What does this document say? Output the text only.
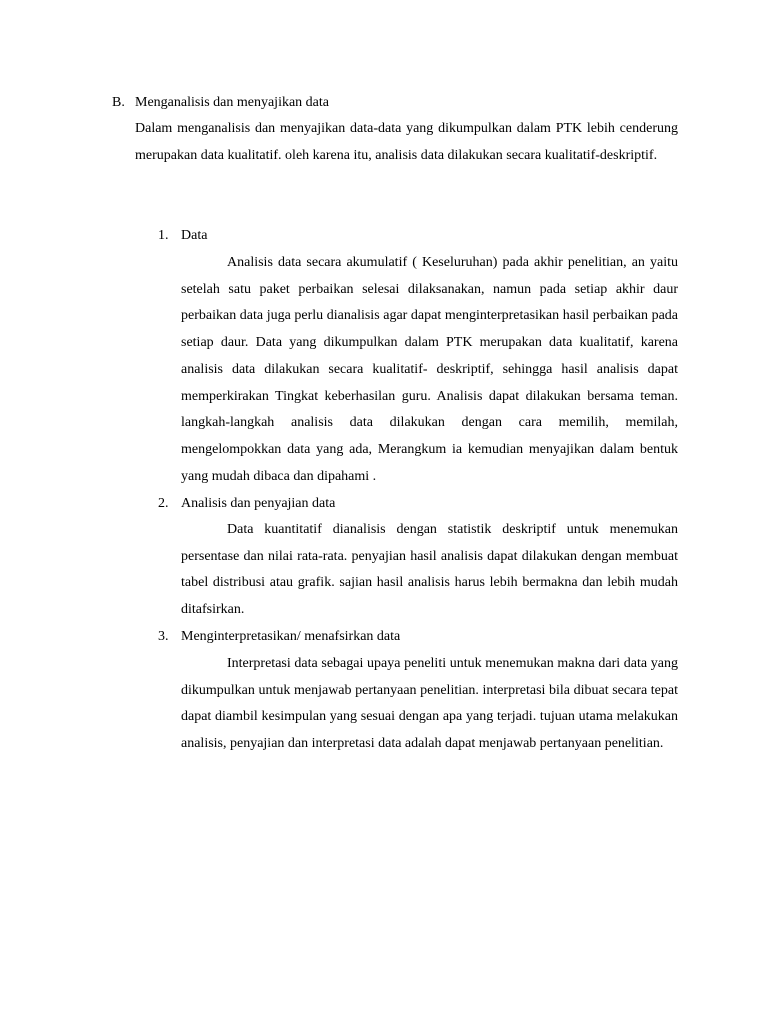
B. Menganalisis dan menyajikan data

Dalam menganalisis dan menyajikan data-data yang dikumpulkan dalam PTK lebih cenderung merupakan data kualitatif. oleh karena itu, analisis data dilakukan secara kualitatif-deskriptif.

1. Data

Analisis data secara akumulatif ( Keseluruhan) pada akhir penelitian, an yaitu setelah satu paket perbaikan selesai dilaksanakan, namun pada setiap akhir daur perbaikan data juga perlu dianalisis agar dapat menginterpretasikan hasil perbaikan pada setiap daur. Data yang dikumpulkan dalam PTK merupakan data kualitatif, karena analisis data dilakukan secara kualitatif- deskriptif, sehingga hasil analisis dapat memperkirakan Tingkat keberhasilan guru. Analisis dapat dilakukan bersama teman. langkah-langkah analisis data dilakukan dengan cara memilih, memilah, mengelompokkan data yang ada, Merangkum ia kemudian menyajikan dalam bentuk yang mudah dibaca dan dipahami .

2. Analisis dan penyajian data

Data kuantitatif dianalisis dengan statistik deskriptif untuk menemukan persentase dan nilai rata-rata. penyajian hasil analisis dapat dilakukan dengan membuat tabel distribusi atau grafik. sajian hasil analisis harus lebih bermakna dan lebih mudah ditafsirkan.

3. Menginterpretasikan/ menafsirkan data

Interpretasi data sebagai upaya peneliti untuk menemukan makna dari data yang dikumpulkan untuk menjawab pertanyaan penelitian. interpretasi bila dibuat secara tepat dapat diambil kesimpulan yang sesuai dengan apa yang terjadi. tujuan utama melakukan analisis, penyajian dan interpretasi data adalah dapat menjawab pertanyaan penelitian.
